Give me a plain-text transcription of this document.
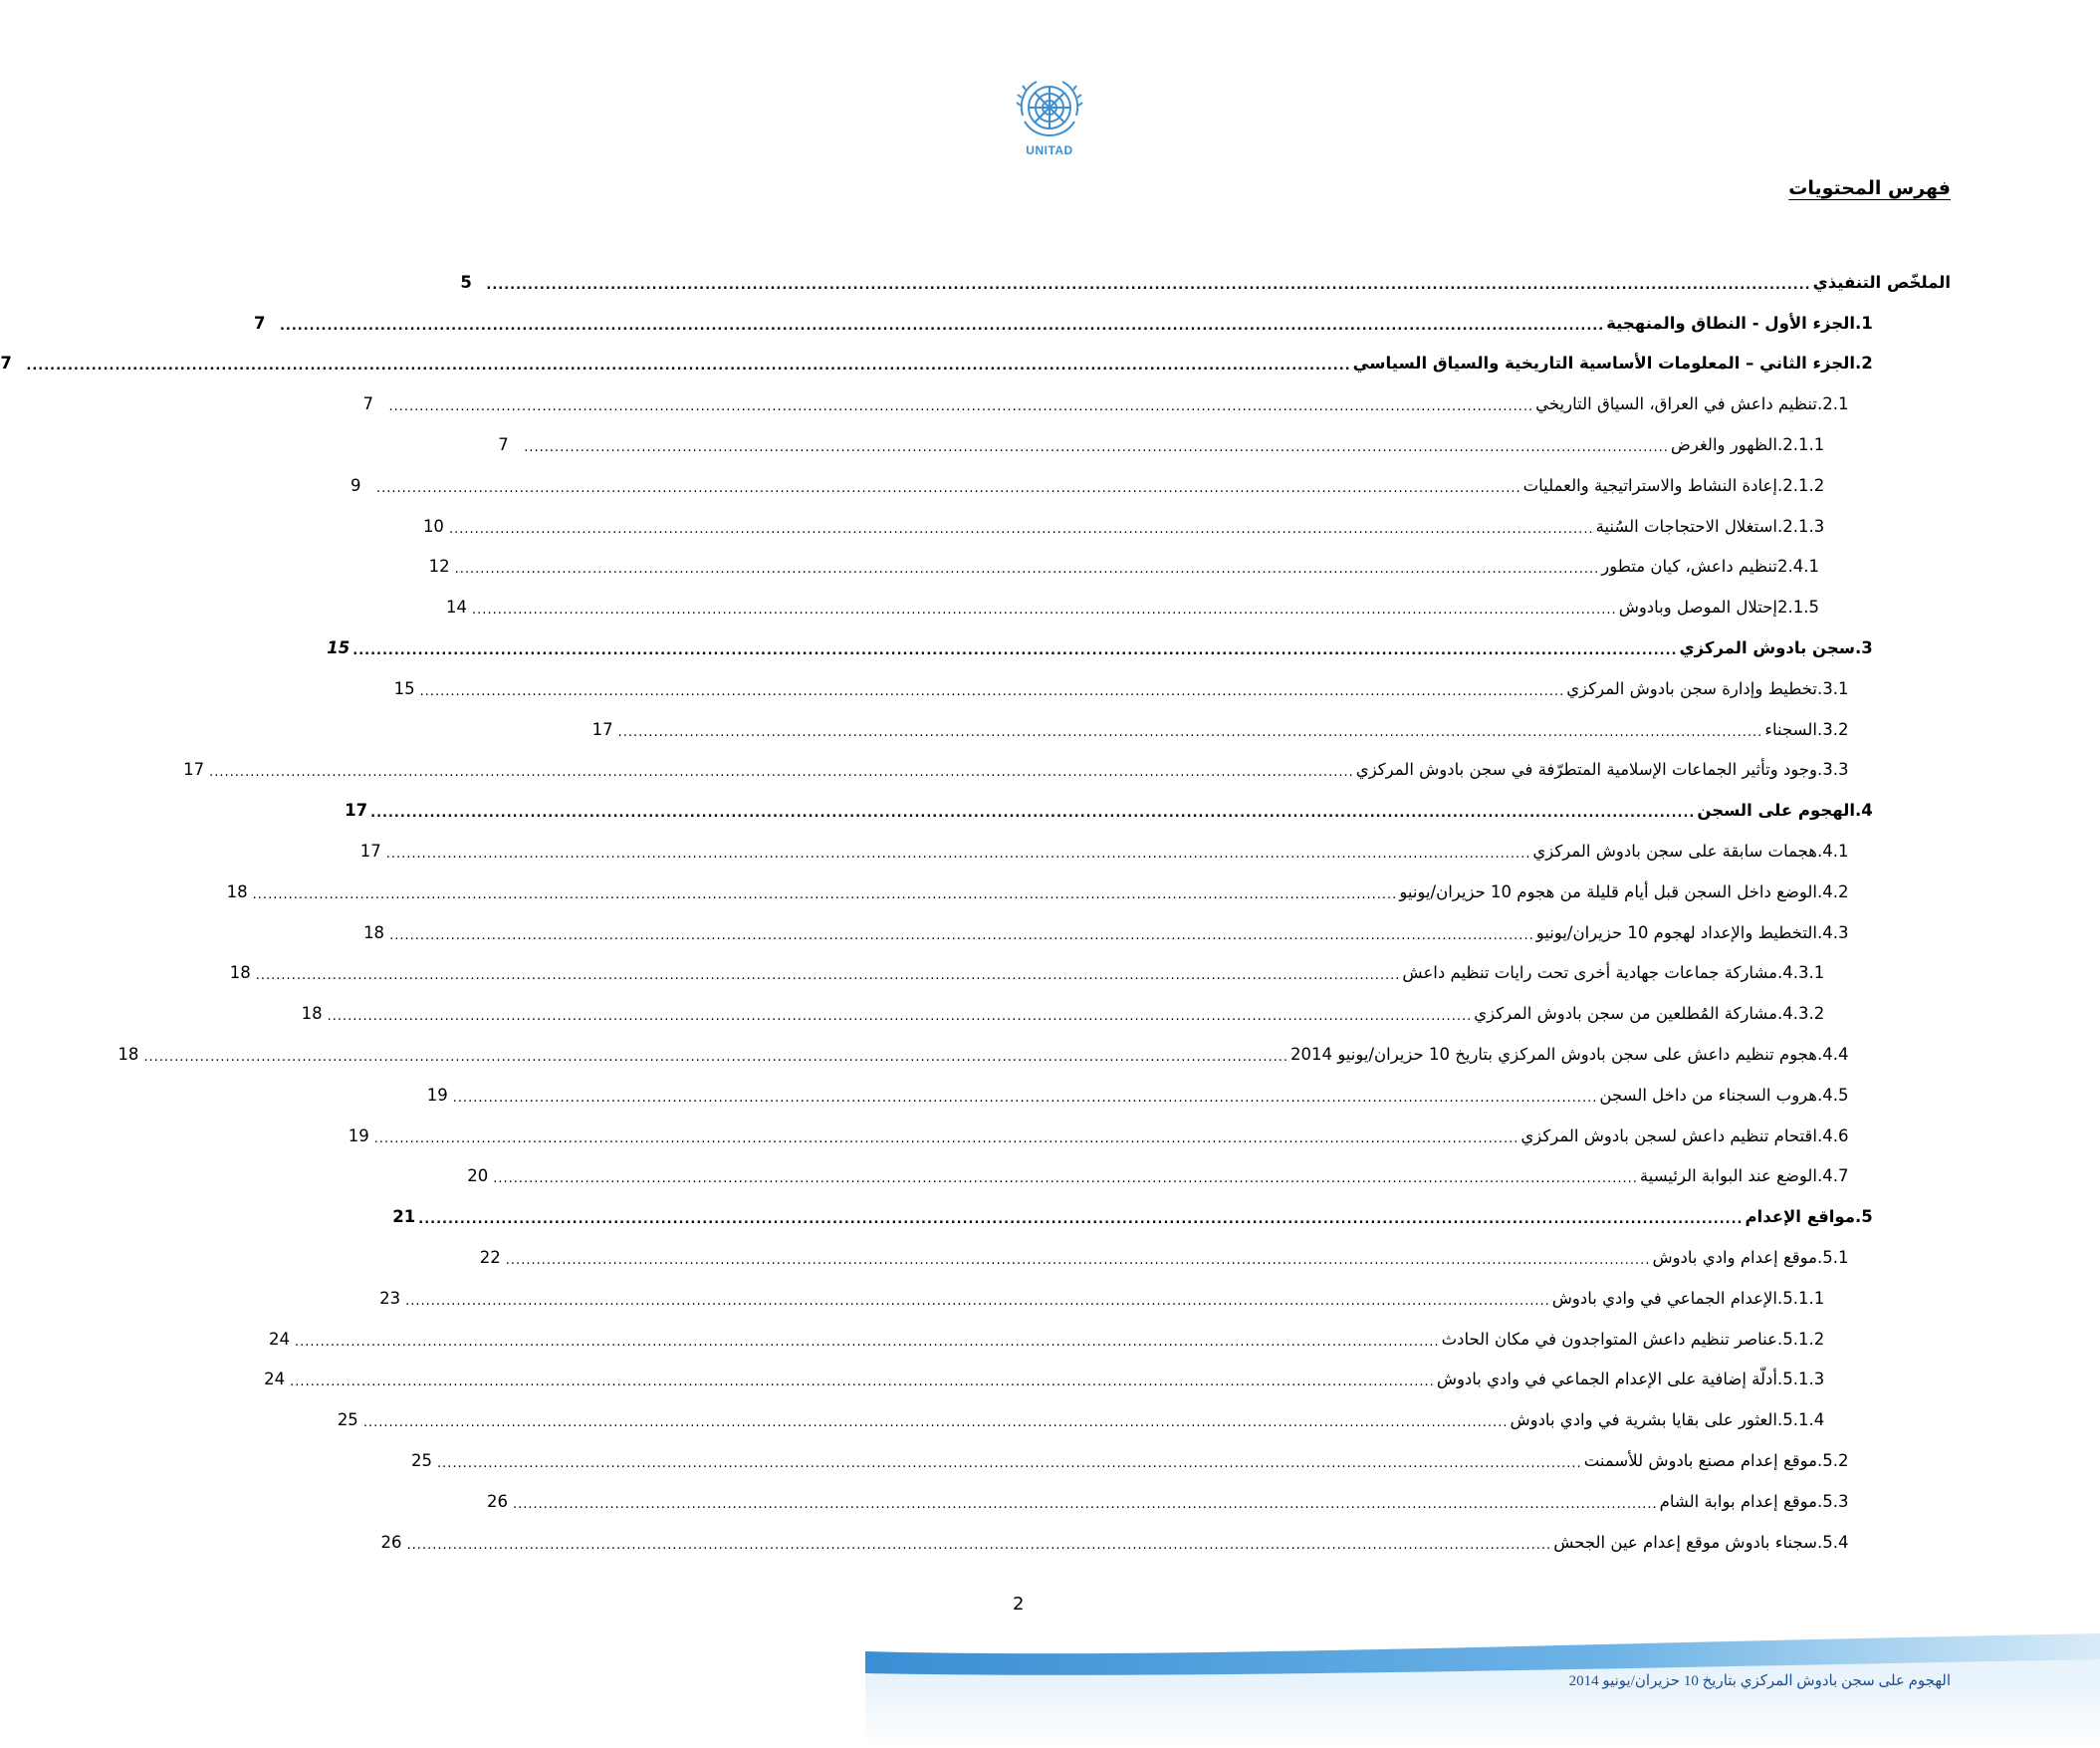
UNITAD
فهرس المحتويات
الملخّص التنفيذي
................................................................................................................................................................................................................................
5
.1
الجزء الأول - النطاق والمنهجية
................................................................................................................................................................................................................................
7
.2
الجزء الثاني – المعلومات الأساسية التاريخية والسياق السياسي
................................................................................................................................................................................................................................
7
.2.1
تنظيم داعش في العراق، السياق التاريخي
................................................................................................................................................................................................................................
7
.2.1.1
الظهور والغرض
................................................................................................................................................................................................................................
7
.2.1.2
إعادة النشاط والاستراتيجية والعمليات
................................................................................................................................................................................................................................
9
.2.1.3
استغلال الاحتجاجات السُنية
................................................................................................................................................................................................................................
10
2.4.1
تنظيم داعش، كيان متطور
................................................................................................................................................................................................................................
12
2.1.5
إحتلال الموصل وبادوش
................................................................................................................................................................................................................................
14
.3
سجن بادوش المركزي
................................................................................................................................................................................................................................
15
.3.1
تخطيط وإدارة سجن بادوش المركزي
................................................................................................................................................................................................................................
15
.3.2
السجناء
................................................................................................................................................................................................................................
17
.3.3
وجود وتأثير الجماعات الإسلامية المتطرّفة في سجن بادوش المركزي
................................................................................................................................................................................................................................
17
.4
الهجوم على السجن
................................................................................................................................................................................................................................
17
.4.1
هجمات سابقة على سجن بادوش المركزي
................................................................................................................................................................................................................................
17
.4.2
الوضع داخل السجن قبل أيام قليلة من هجوم 10 حزيران/يونيو
................................................................................................................................................................................................................................
18
.4.3
التخطيط والإعداد لهجوم 10 حزيران/يونيو
................................................................................................................................................................................................................................
18
.4.3.1
مشاركة جماعات جهادية أخرى تحت رايات تنظيم داعش
................................................................................................................................................................................................................................
18
.4.3.2
مشاركة المُطلعين من سجن بادوش المركزي
................................................................................................................................................................................................................................
18
.4.4
هجوم تنظيم داعش على سجن بادوش المركزي بتاريخ 10 حزيران/يونيو 2014
................................................................................................................................................................................................................................
18
.4.5
هروب السجناء من داخل السجن
................................................................................................................................................................................................................................
19
.4.6
اقتحام تنظيم داعش لسجن بادوش المركزي
................................................................................................................................................................................................................................
19
.4.7
الوضع عند البوابة الرئيسية
................................................................................................................................................................................................................................
20
.5
مواقع الإعدام
................................................................................................................................................................................................................................
21
.5.1
موقع إعدام وادي بادوش
................................................................................................................................................................................................................................
22
.5.1.1
الإعدام الجماعي في وادي بادوش
................................................................................................................................................................................................................................
23
.5.1.2
عناصر تنظيم داعش المتواجدون في مكان الحادث
................................................................................................................................................................................................................................
24
.5.1.3
أدلّة إضافية على الإعدام الجماعي في وادي بادوش
................................................................................................................................................................................................................................
24
.5.1.4
العثور على بقايا بشرية في وادي بادوش
................................................................................................................................................................................................................................
25
.5.2
موقع إعدام مصنع بادوش للأسمنت
................................................................................................................................................................................................................................
25
.5.3
موقع إعدام بوابة الشام
................................................................................................................................................................................................................................
26
.5.4
سجناء بادوش موقع إعدام عين الجحش
................................................................................................................................................................................................................................
26
2
الهجوم على سجن بادوش المركزي بتاريخ 10 حزيران/يونيو 2014
